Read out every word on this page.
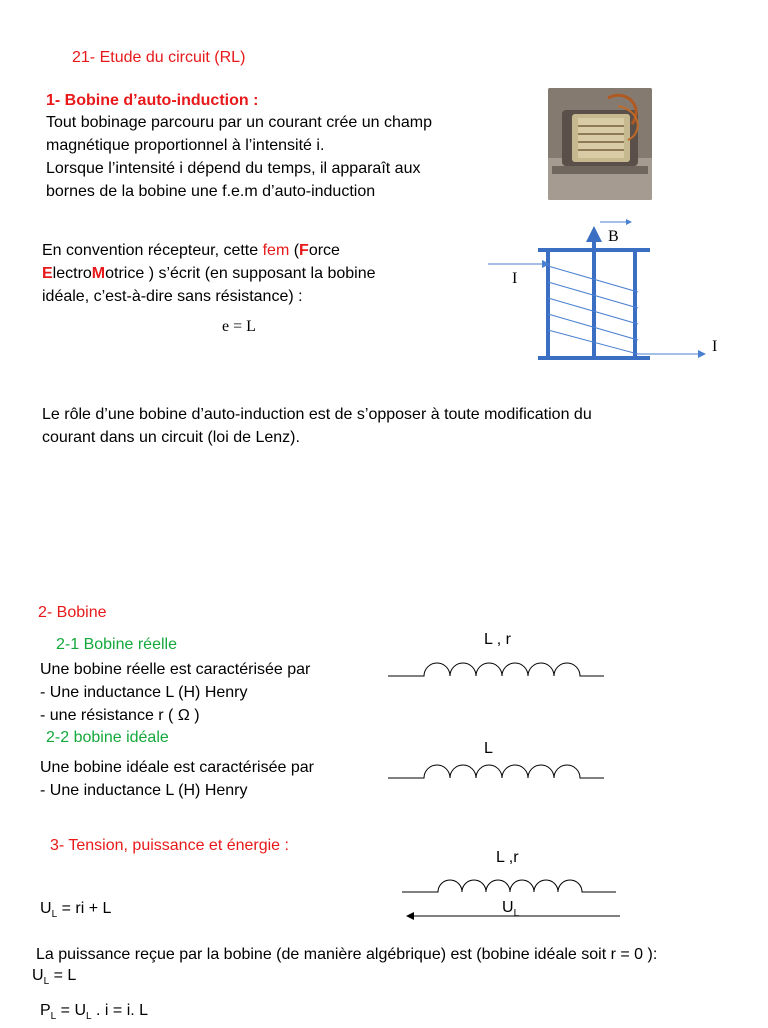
21- Etude du circuit (RL)
1- Bobine d’auto-induction :
Tout bobinage parcouru par un courant crée un champ
magnétique proportionnel à l’intensité i.
Lorsque l’intensité i dépend du temps, il apparaît aux
bornes de la bobine une f.e.m d’auto-induction
En convention récepteur, cette fem (Force
ElectroMotrice ) s’écrit (en supposant la bobine
idéale, c’est-à-dire sans résistance) :
e = L
B
I
I
Le rôle d’une bobine d’auto-induction est de s’opposer à toute modification du
courant dans un circuit (loi de Lenz).
2- Bobine
2-1 Bobine réelle
Une bobine réelle est caractérisée par
- Une inductance L (H) Henry
- une résistance r ( Ω )
2-2 bobine idéale
Une bobine idéale est caractérisée par
- Une inductance L (H) Henry
L , r
L
3- Tension, puissance et énergie :
L ,r
$U_L$
$U_L$ = ri + L
La puissance reçue par la bobine (de manière algébrique) est (bobine idéale soit r = 0 ):
$U_L = L$
$P_L = U_L$ . i = i. L
